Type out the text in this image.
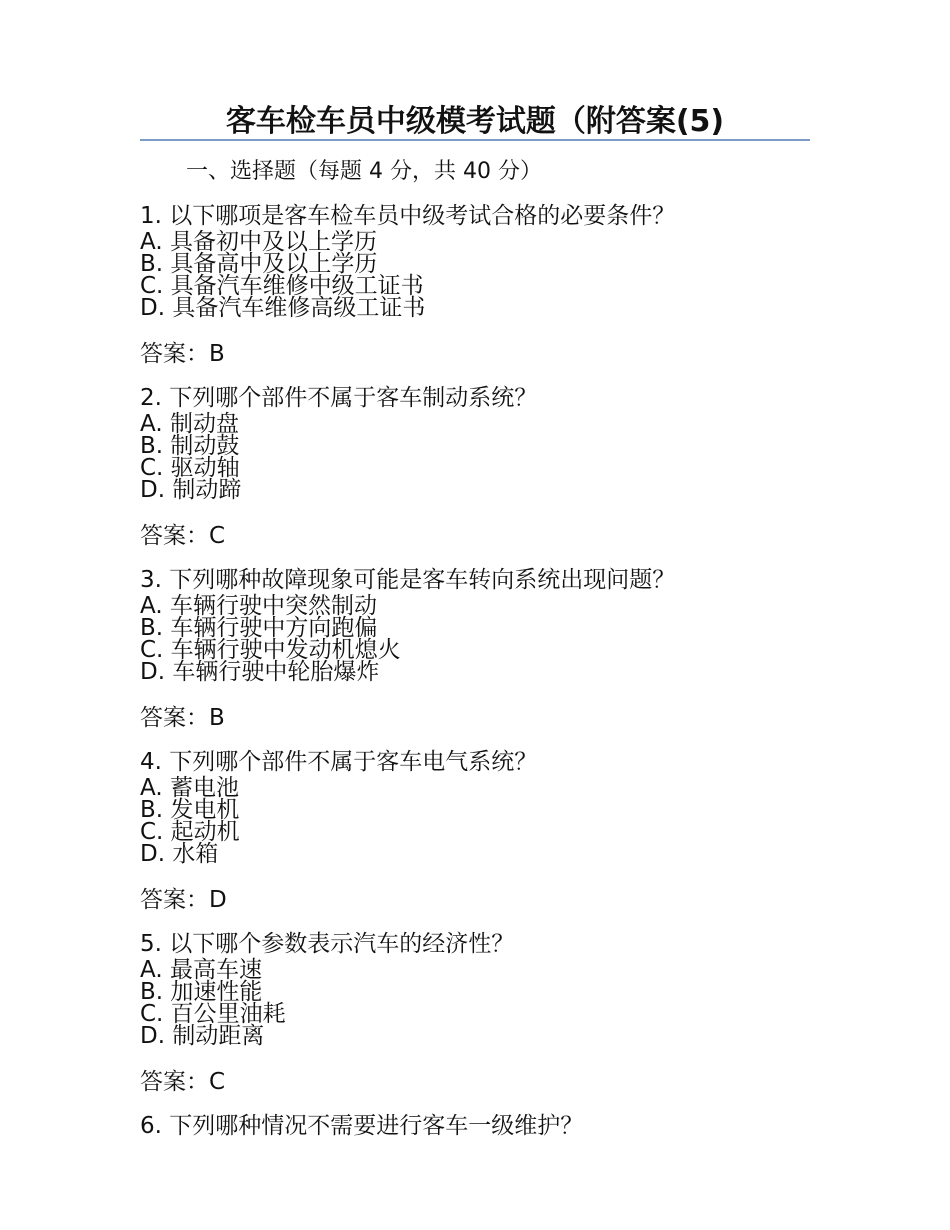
客车检车员中级模考试题（附答案(5)
一、选择题（每题 4 分，共 40 分）
1. 以下哪项是客车检车员中级考试合格的必要条件？
A. 具备初中及以上学历
B. 具备高中及以上学历
C. 具备汽车维修中级工证书
D. 具备汽车维修高级工证书
答案：B
2. 下列哪个部件不属于客车制动系统？
A. 制动盘
B. 制动鼓
C. 驱动轴
D. 制动蹄
答案：C
3. 下列哪种故障现象可能是客车转向系统出现问题？
A. 车辆行驶中突然制动
B. 车辆行驶中方向跑偏
C. 车辆行驶中发动机熄火
D. 车辆行驶中轮胎爆炸
答案：B
4. 下列哪个部件不属于客车电气系统？
A. 蓄电池
B. 发电机
C. 起动机
D. 水箱
答案：D
5. 以下哪个参数表示汽车的经济性？
A. 最高车速
B. 加速性能
C. 百公里油耗
D. 制动距离
答案：C
6. 下列哪种情况不需要进行客车一级维护？
